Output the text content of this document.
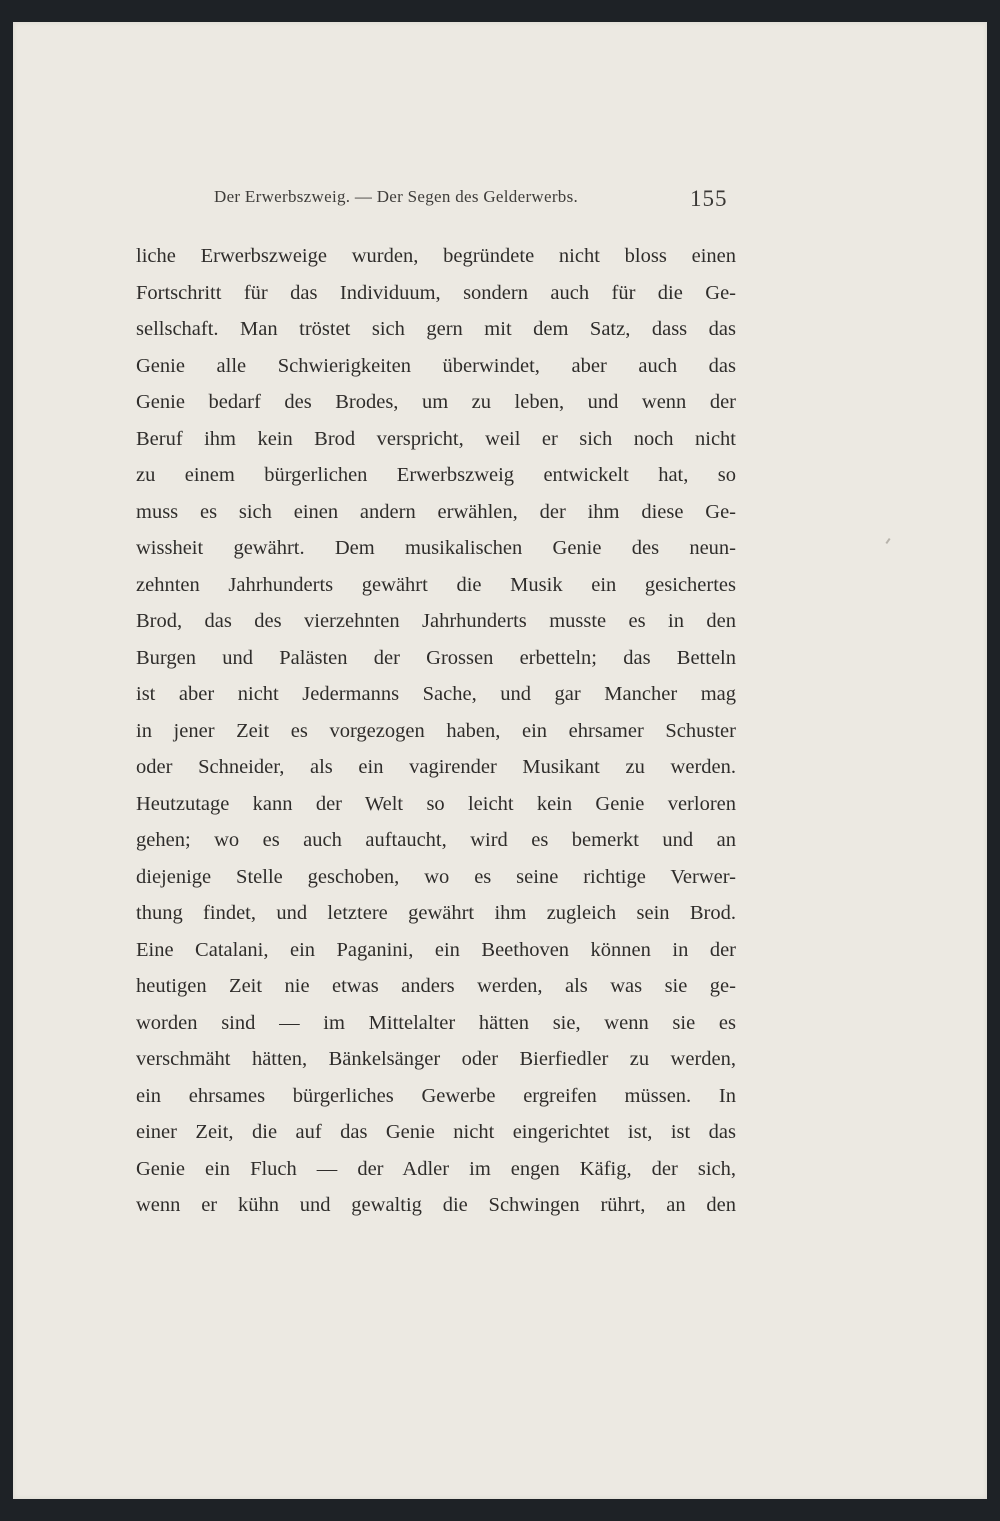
Der Erwerbszweig. — Der Segen des Gelderwerbs.	155
liche Erwerbszweige wurden, begründete nicht bloss einen
Fortschritt für das Individuum, sondern auch für die Ge-
sellschaft. Man tröstet sich gern mit dem Satz, dass das
Genie alle Schwierigkeiten überwindet, aber auch das
Genie bedarf des Brodes, um zu leben, und wenn der
Beruf ihm kein Brod verspricht, weil er sich noch nicht
zu einem bürgerlichen Erwerbszweig entwickelt hat, so
muss es sich einen andern erwählen, der ihm diese Ge-
wissheit gewährt. Dem musikalischen Genie des neun-
zehnten Jahrhunderts gewährt die Musik ein gesichertes
Brod, das des vierzehnten Jahrhunderts musste es in den
Burgen und Palästen der Grossen erbetteln; das Betteln
ist aber nicht Jedermanns Sache, und gar Mancher mag
in jener Zeit es vorgezogen haben, ein ehrsamer Schuster
oder Schneider, als ein vagirender Musikant zu werden.
Heutzutage kann der Welt so leicht kein Genie verloren
gehen; wo es auch auftaucht, wird es bemerkt und an
diejenige Stelle geschoben, wo es seine richtige Verwer-
thung findet, und letztere gewährt ihm zugleich sein Brod.
Eine Catalani, ein Paganini, ein Beethoven können in der
heutigen Zeit nie etwas anders werden, als was sie ge-
worden sind — im Mittelalter hätten sie, wenn sie es
verschmäht hätten, Bänkelsänger oder Bierfiedler zu werden,
ein ehrsames bürgerliches Gewerbe ergreifen müssen. In
einer Zeit, die auf das Genie nicht eingerichtet ist, ist das
Genie ein Fluch — der Adler im engen Käfig, der sich,
wenn er kühn und gewaltig die Schwingen rührt, an den
